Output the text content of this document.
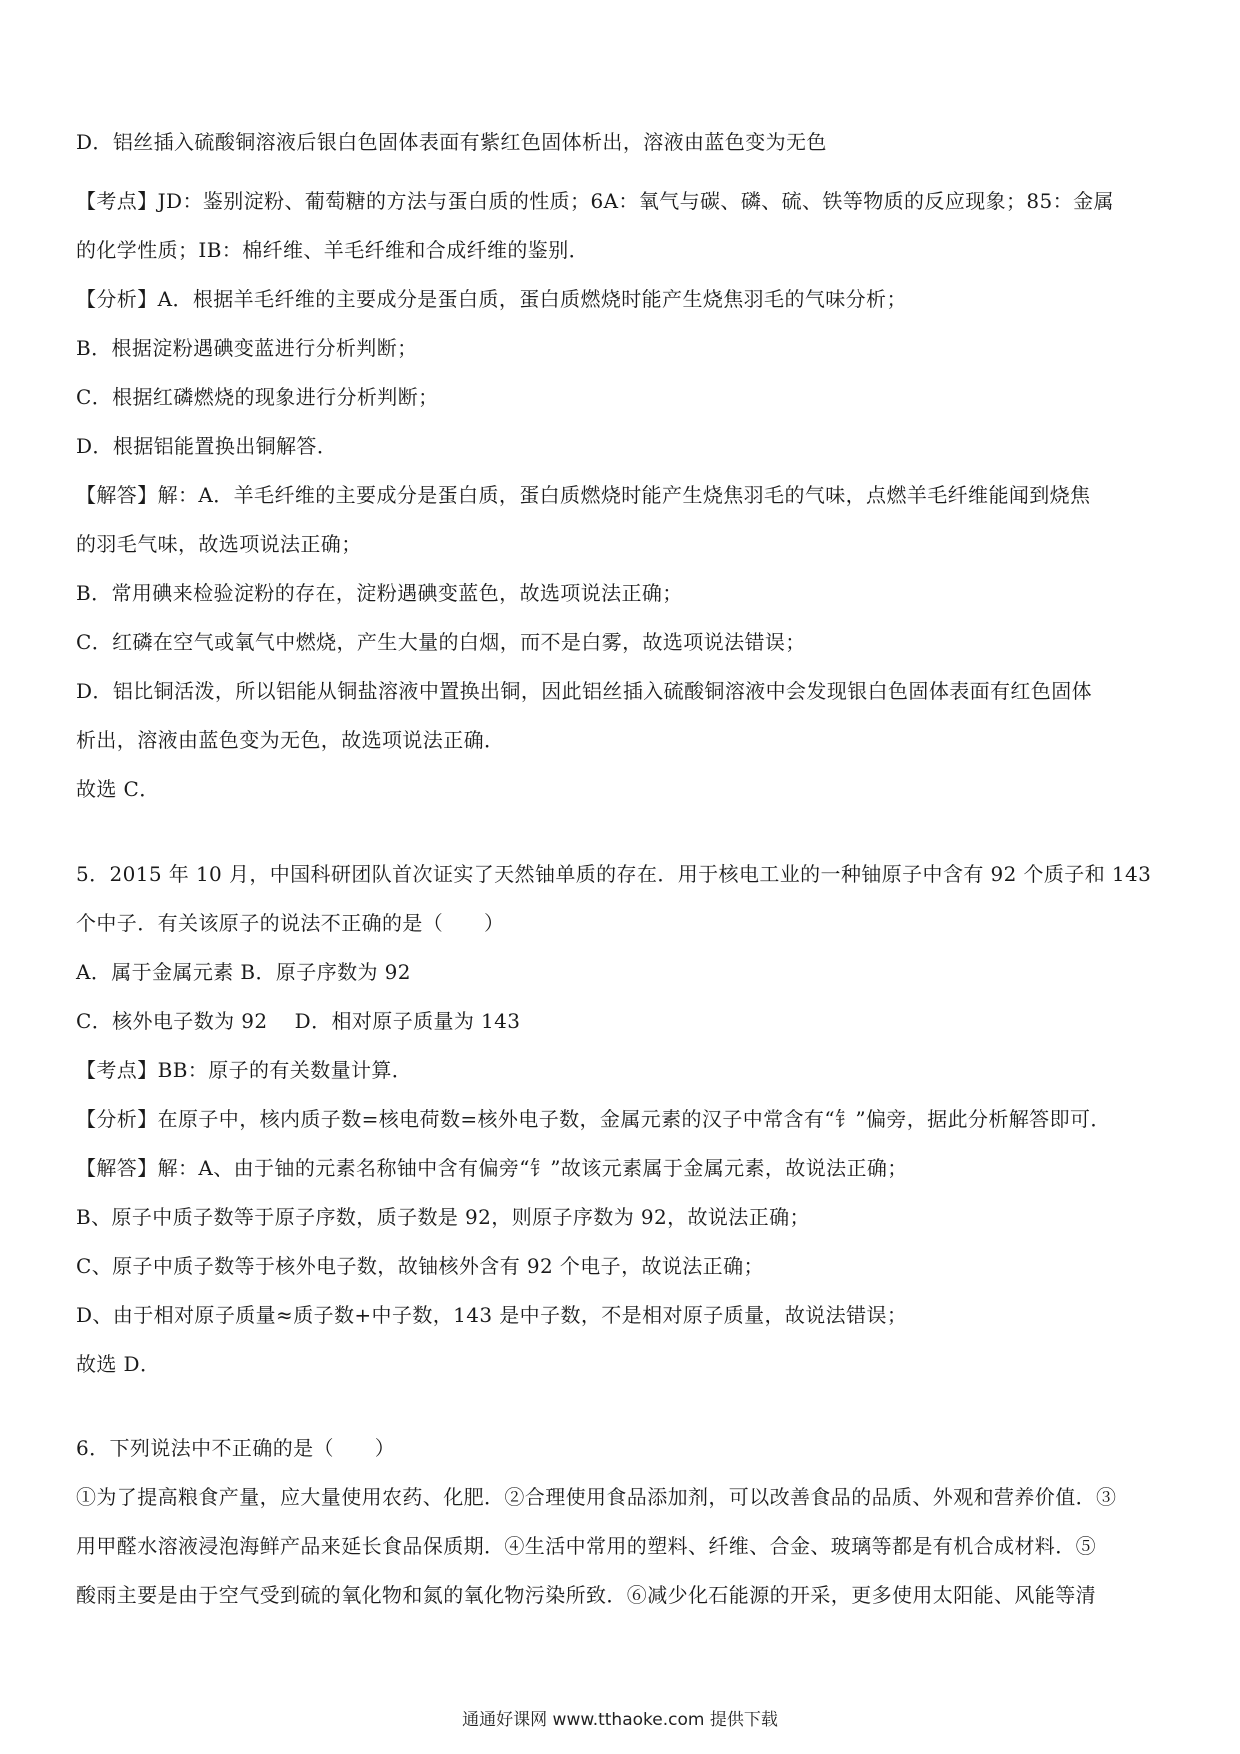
D．铝丝插入硫酸铜溶液后银白色固体表面有紫红色固体析出，溶液由蓝色变为无色
【考点】JD：鉴别淀粉、葡萄糖的方法与蛋白质的性质；6A：氧气与碳、磷、硫、铁等物质的反应现象；85：金属
的化学性质；IB：棉纤维、羊毛纤维和合成纤维的鉴别．
【分析】A．根据羊毛纤维的主要成分是蛋白质，蛋白质燃烧时能产生烧焦羽毛的气味分析；
B．根据淀粉遇碘变蓝进行分析判断；
C．根据红磷燃烧的现象进行分析判断；
D．根据铝能置换出铜解答．
【解答】解：A．羊毛纤维的主要成分是蛋白质，蛋白质燃烧时能产生烧焦羽毛的气味，点燃羊毛纤维能闻到烧焦
的羽毛气味，故选项说法正确；
B．常用碘来检验淀粉的存在，淀粉遇碘变蓝色，故选项说法正确；
C．红磷在空气或氧气中燃烧，产生大量的白烟，而不是白雾，故选项说法错误；
D．铝比铜活泼，所以铝能从铜盐溶液中置换出铜，因此铝丝插入硫酸铜溶液中会发现银白色固体表面有红色固体
析出，溶液由蓝色变为无色，故选项说法正确．
故选 C．
5．2015 年 10 月，中国科研团队首次证实了天然铀单质的存在．用于核电工业的一种铀原子中含有 92 个质子和 143
个中子．有关该原子的说法不正确的是（　　）
A．属于金属元素 B．原子序数为 92
C．核外电子数为 92　 D．相对原子质量为 143
【考点】BB：原子的有关数量计算．
【分析】在原子中，核内质子数=核电荷数=核外电子数，金属元素的汉子中常含有“钅”偏旁，据此分析解答即可．
【解答】解：A、由于铀的元素名称铀中含有偏旁“钅”故该元素属于金属元素，故说法正确；
B、原子中质子数等于原子序数，质子数是 92，则原子序数为 92，故说法正确；
C、原子中质子数等于核外电子数，故铀核外含有 92 个电子，故说法正确；
D、由于相对原子质量≈质子数+中子数，143 是中子数，不是相对原子质量，故说法错误；
故选 D．
6．下列说法中不正确的是（　　）
①为了提高粮食产量，应大量使用农药、化肥．②合理使用食品添加剂，可以改善食品的品质、外观和营养价值．③
用甲醛水溶液浸泡海鲜产品来延长食品保质期．④生活中常用的塑料、纤维、合金、玻璃等都是有机合成材料．⑤
酸雨主要是由于空气受到硫的氧化物和氮的氧化物污染所致．⑥减少化石能源的开采，更多使用太阳能、风能等清
通通好课网 www.tthaoke.com 提供下载
